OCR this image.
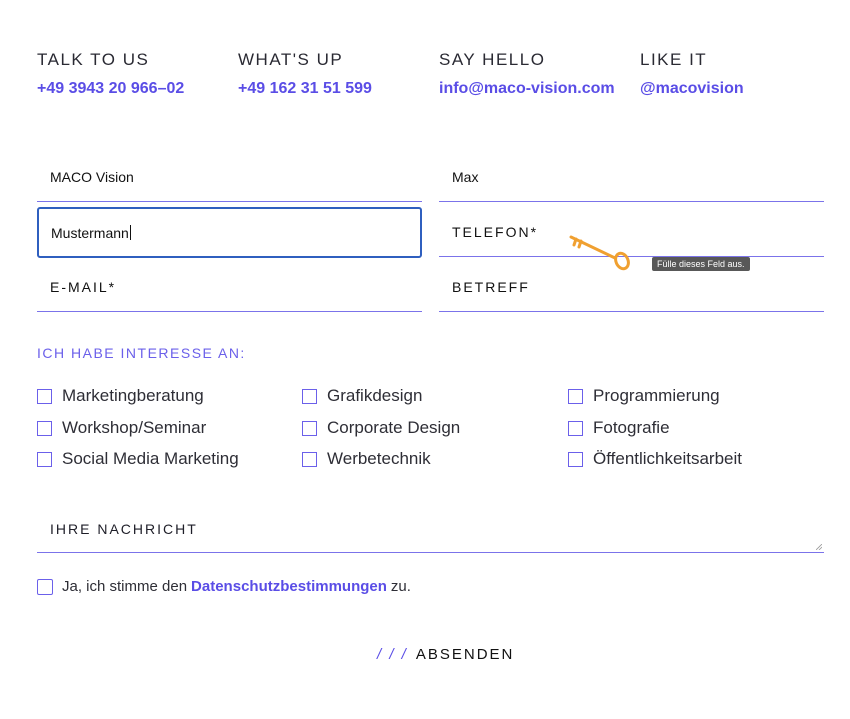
TALK TO US
+49 3943 20 966–02
WHAT'S UP
+49 162 31 51 599
SAY HELLO
info@maco-vision.com
LIKE IT
@macovision
MACO Vision	Max
Mustermann	TELEFON*
E-MAIL*	BETREFF
Fülle dieses Feld aus.
ICH HABE INTERESSE AN:
Marketingberatung
Workshop/Seminar
Social Media Marketing
Grafikdesign
Corporate Design
Werbetechnik
Programmierung
Fotografie
Öffentlichkeitsarbeit
IHRE NACHRICHT
Ja, ich stimme den Datenschutzbestimmungen zu.
/ / / ABSENDEN
